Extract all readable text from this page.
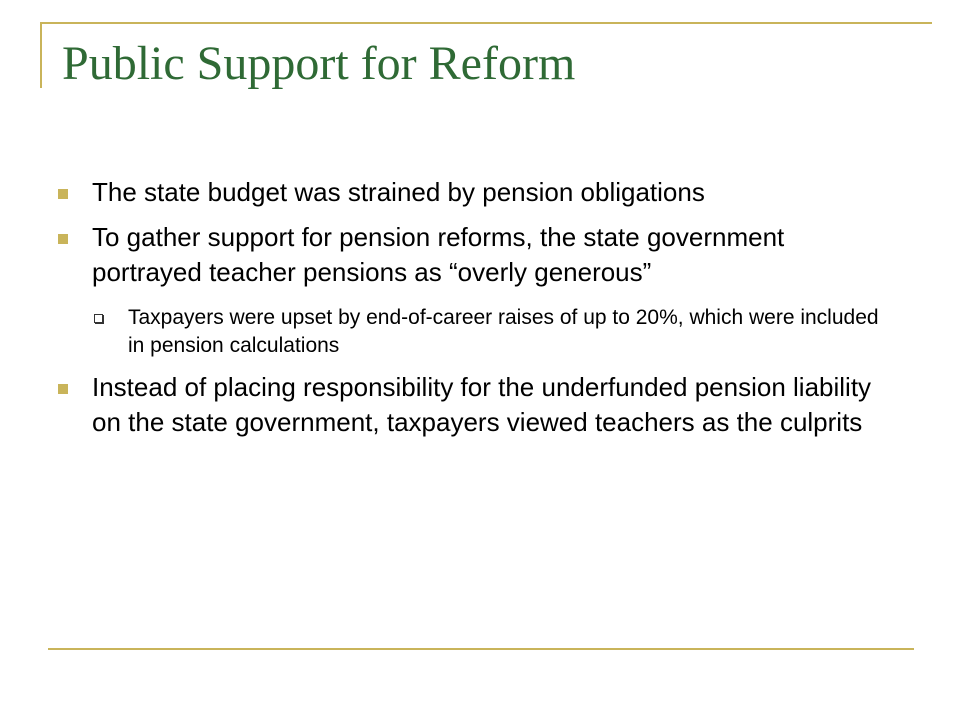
Public Support for Reform
The state budget was strained by pension obligations
To gather support for pension reforms, the state government portrayed teacher pensions as “overly generous”
Taxpayers were upset by end-of-career raises of up to 20%, which were included in pension calculations
Instead of placing responsibility for the underfunded pension liability on the state government, taxpayers viewed teachers as the culprits
